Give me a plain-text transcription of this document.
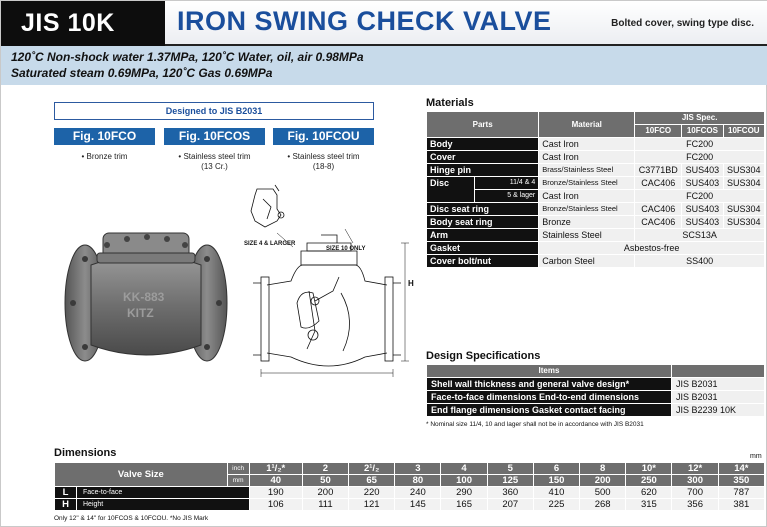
JIS 10K	IRON SWING CHECK VALVE	Bolted cover, swing type disc.
120˚C Non-shock water 1.37MPa, 120˚C Water, oil, air 0.98MPa
Saturated steam 0.69MPa, 120˚C Gas 0.69MPa
Designed to JIS B2031
Fig. 10FCO	Fig. 10FCOS	Fig. 10FCOU
• Bronze trim	• Stainless steel trim
(13 Cr.)
• Stainless steel trim
(18-8)
KK-883
KITZ
SIZE 4 & LARGER
SIZE 10 ONLY
H
Materials
Parts		Material	JIS Spec.		
			10FCO	10FCOS	10FCOU
Body		Cast Iron	FC200		
Cover		Cast Iron	FC200		
Hinge pin		Brass/Stainless Steel	C3771BD	SUS403	SUS304
Disc	11/4 & 4	Bronze/Stainless Steel	CAC406	SUS403	SUS304
	5 & lager	Cast Iron	FC200		
Disc seat ring		Bronze/Stainless Steel	CAC406	SUS403	SUS304
Body seat ring		Bronze	CAC406	SUS403	SUS304
Arm		Stainless Steel	SCS13A		
Gasket		Asbestos-free			
Cover bolt/nut		Carbon Steel	SS400		
Design Specifications
Items	
Shell wall thickness and general valve design*	JIS B2031
Face-to-face dimensions End-to-end dimensions	JIS B2031
End flange dimensions Gasket contact facing	JIS B2239 10K
* Nominal size 11/4, 10 and lager shall not be in accordance with JIS B2031
Dimensions	mm
Valve Size		inch	1¹/₂*	2	2¹/₂	3	4	5	6	8	10*	12*	14*
		mm	40	50	65	80	100	125	150	200	250	300	350
L	Face-to-face		190	200	220	240	290	360	410	500	620	700	787
H	Height		106	111	121	145	165	207	225	268	315	356	381
Only 12" & 14" for 10FCOS & 10FCOU. *No JIS Mark
